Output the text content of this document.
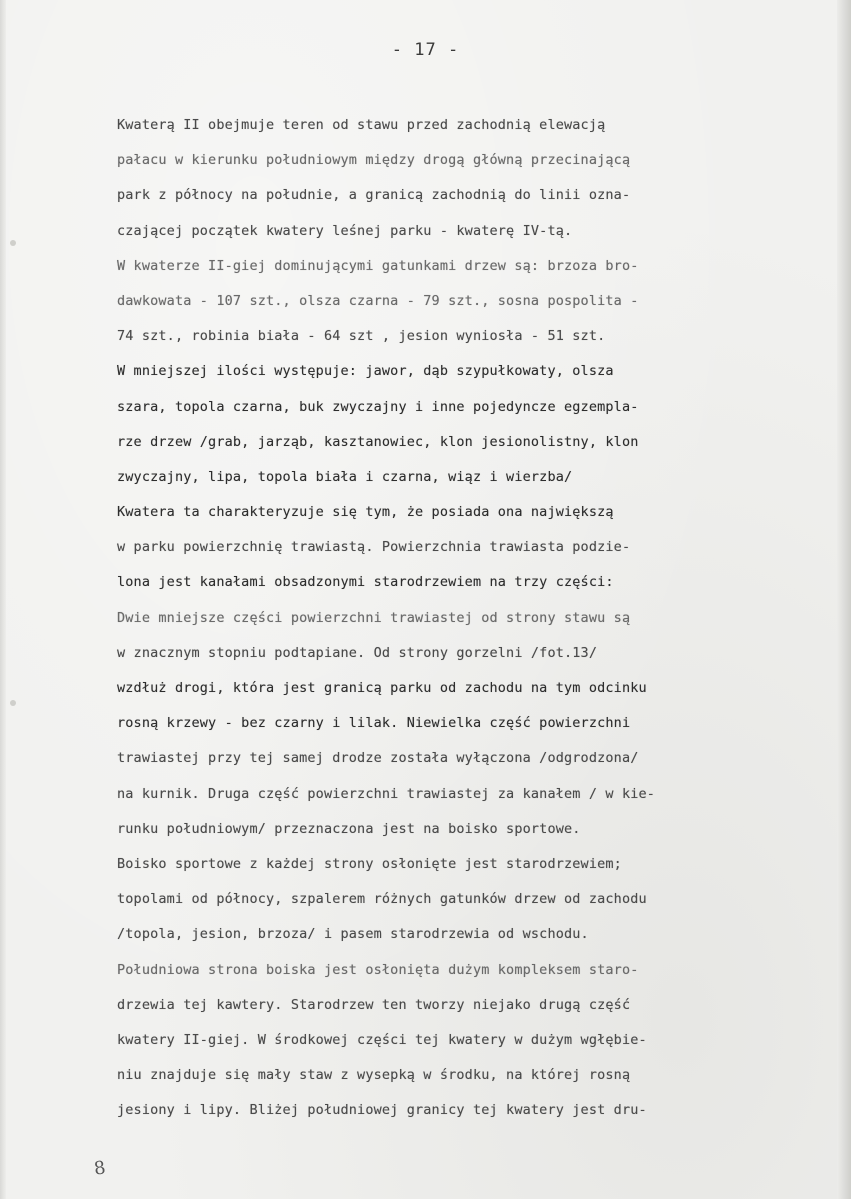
- 17 -
Kwaterą II obejmuje teren od stawu przed zachodnią elewacją
pałacu w kierunku południowym między drogą główną przecinającą
park z północy na południe, a granicą zachodnią do linii ozna-
czającej początek kwatery leśnej parku - kwaterę IV-tą.
W kwaterze II-giej dominującymi gatunkami drzew są: brzoza bro-
dawkowata - 107 szt., olsza czarna - 79 szt., sosna pospolita -
74 szt., robinia biała - 64 szt , jesion wyniosła - 51 szt.
W mniejszej ilości występuje: jawor, dąb szypułkowaty, olsza
szara, topola czarna, buk zwyczajny i inne pojedyncze egzempla-
rze drzew /grab, jarząb, kasztanowiec, klon jesionolistny, klon
zwyczajny, lipa, topola biała i czarna, wiąz i wierzba/
Kwatera ta charakteryzuje się tym, że posiada ona największą
w parku powierzchnię trawiastą. Powierzchnia trawiasta podzie-
lona jest kanałami obsadzonymi starodrzewiem na trzy części:
Dwie mniejsze części powierzchni trawiastej od strony stawu są
w znacznym stopniu podtapiane. Od strony gorzelni /fot.13/
wzdłuż drogi, która jest granicą parku od zachodu na tym odcinku
rosną krzewy - bez czarny i lilak. Niewielka część powierzchni
trawiastej przy tej samej drodze została wyłączona /odgrodzona/
na kurnik. Druga część powierzchni trawiastej za kanałem / w kie-
runku południowym/ przeznaczona jest na boisko sportowe.
Boisko sportowe z każdej strony osłonięte jest starodrzewiem;
topolami od północy, szpalerem różnych gatunków drzew od zachodu
/topola, jesion, brzoza/ i pasem starodrzewia od wschodu.
Południowa strona boiska jest osłonięta dużym kompleksem staro-
drzewia tej kawtery. Starodrzew ten tworzy niejako drugą część
kwatery II-giej. W środkowej części tej kwatery w dużym wgłębie-
niu znajduje się mały staw z wysepką w środku, na której rosną
jesiony i lipy. Bliżej południowej granicy tej kwatery jest dru-
8
